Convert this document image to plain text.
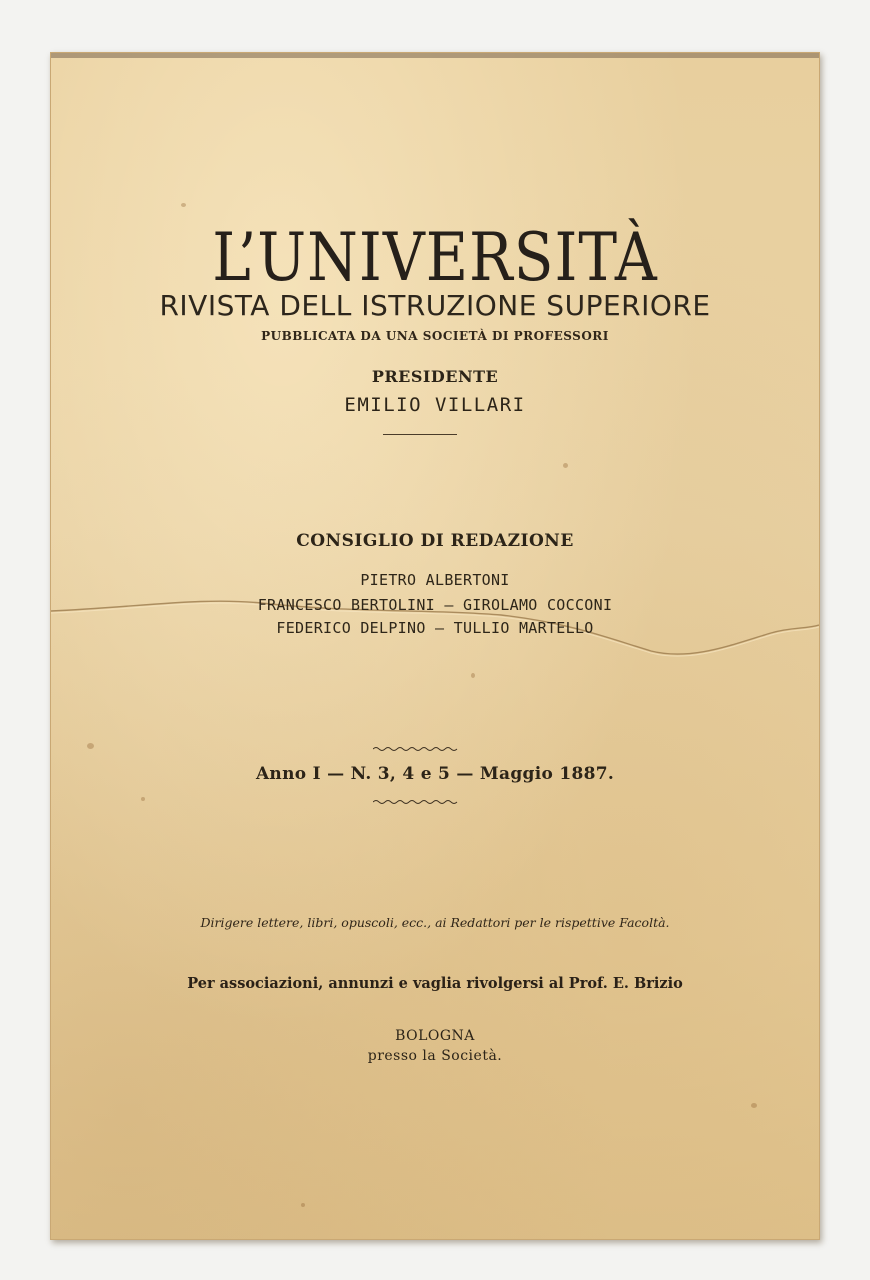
L’UNIVERSITÀ
RIVISTA DELL ISTRUZIONE SUPERIORE
PUBBLICATA DA UNA SOCIETÀ DI PROFESSORI
PRESIDENTE
EMILIO VILLARI
CONSIGLIO DI REDAZIONE
PIETRO ALBERTONI
FRANCESCO BERTOLINI — GIROLAMO COCCONI
FEDERICO DELPINO — TULLIO MARTELLO
Anno I — N. 3, 4 e 5 — Maggio 1887.
Dirigere lettere, libri, opuscoli, ecc., ai Redattori per le rispettive Facoltà.
Per associazioni, annunzi e vaglia rivolgersi al Prof. E. Brizio
BOLOGNA
presso la Società.
